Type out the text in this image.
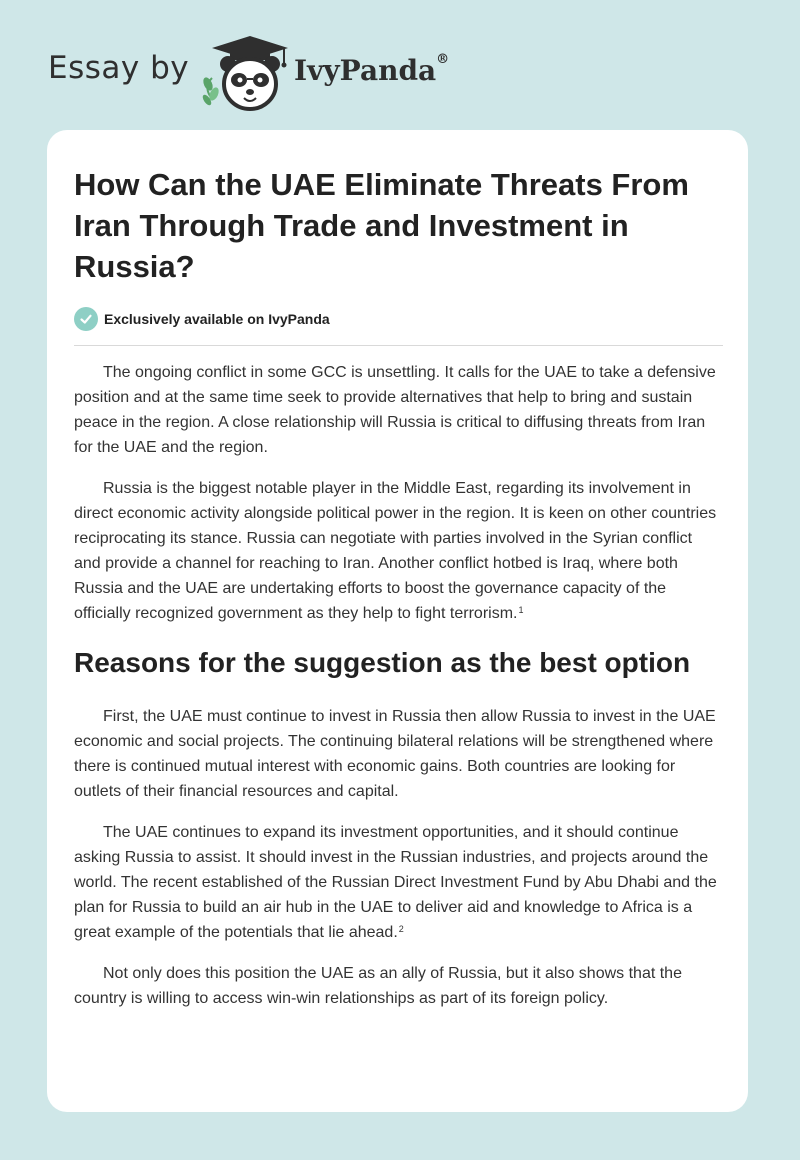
Essay by	IvyPanda®
How Can the UAE Eliminate Threats From Iran Through Trade and Investment in Russia?
Exclusively available on IvyPanda

The ongoing conflict in some GCC is unsettling. It calls for the UAE to take a defensive position and at the same time seek to provide alternatives that help to bring and sustain peace in the region. A close relationship will Russia is critical to diffusing threats from Iran for the UAE and the region.

Russia is the biggest notable player in the Middle East, regarding its involvement in direct economic activity alongside political power in the region. It is keen on other countries reciprocating its stance. Russia can negotiate with parties involved in the Syrian conflict and provide a channel for reaching to Iran. Another conflict hotbed is Iraq, where both Russia and the UAE are undertaking efforts to boost the governance capacity of the officially recognized government as they help to fight terrorism.$^1$

Reasons for the suggestion as the best option

First, the UAE must continue to invest in Russia then allow Russia to invest in the UAE economic and social projects. The continuing bilateral relations will be strengthened where there is continued mutual interest with economic gains. Both countries are looking for outlets of their financial resources and capital.

The UAE continues to expand its investment opportunities, and it should continue asking Russia to assist. It should invest in the Russian industries, and projects around the world. The recent established of the Russian Direct Investment Fund by Abu Dhabi and the plan for Russia to build an air hub in the UAE to deliver aid and knowledge to Africa is a great example of the potentials that lie ahead.$^2$

Not only does this position the UAE as an ally of Russia, but it also shows that the country is willing to access win-win relationships as part of its foreign policy.
